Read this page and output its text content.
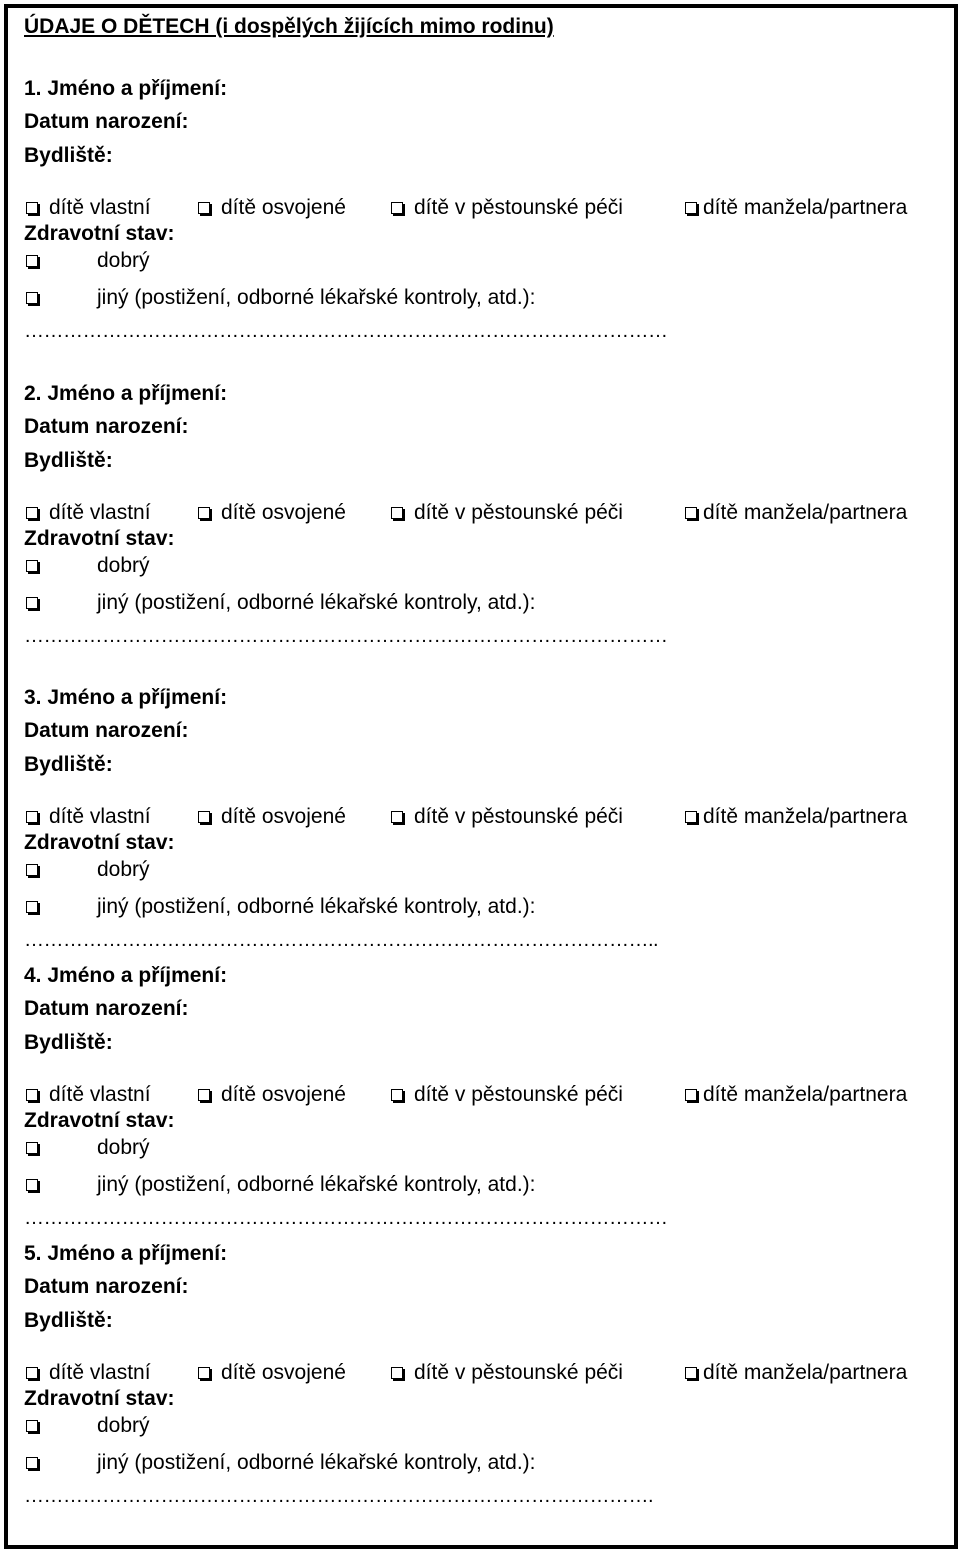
ÚDAJE O DĚTECH (i dospělých žijících mimo rodinu)
1. Jméno a příjmení:
Datum narození:
Bydliště:
dítě vlastní	dítě osvojené	dítě v pěstounské péči	dítě manžela/partnera
Zdravotní stav:
dobrý
jiný (postižení, odborné lékařské kontroly, atd.):
………………………………………………………………………………………
2. Jméno a příjmení:
Datum narození:
Bydliště:
dítě vlastní	dítě osvojené	dítě v pěstounské péči	dítě manžela/partnera
Zdravotní stav:
dobrý
jiný (postižení, odborné lékařské kontroly, atd.):
………………………………………………………………………………………
3. Jméno a příjmení:
Datum narození:
Bydliště:
dítě vlastní	dítě osvojené	dítě v pěstounské péči	dítě manžela/partnera
Zdravotní stav:
dobrý
jiný (postižení, odborné lékařské kontroly, atd.):
……………………………………………………………………………………..
4. Jméno a příjmení:
Datum narození:
Bydliště:
dítě vlastní	dítě osvojené	dítě v pěstounské péči	dítě manžela/partnera
Zdravotní stav:
dobrý
jiný (postižení, odborné lékařské kontroly, atd.):
………………………………………………………………………………………
5. Jméno a příjmení:
Datum narození:
Bydliště:
dítě vlastní	dítě osvojené	dítě v pěstounské péči	dítě manžela/partnera
Zdravotní stav:
dobrý
jiný (postižení, odborné lékařské kontroly, atd.):
…………………………………………………………………………………….
